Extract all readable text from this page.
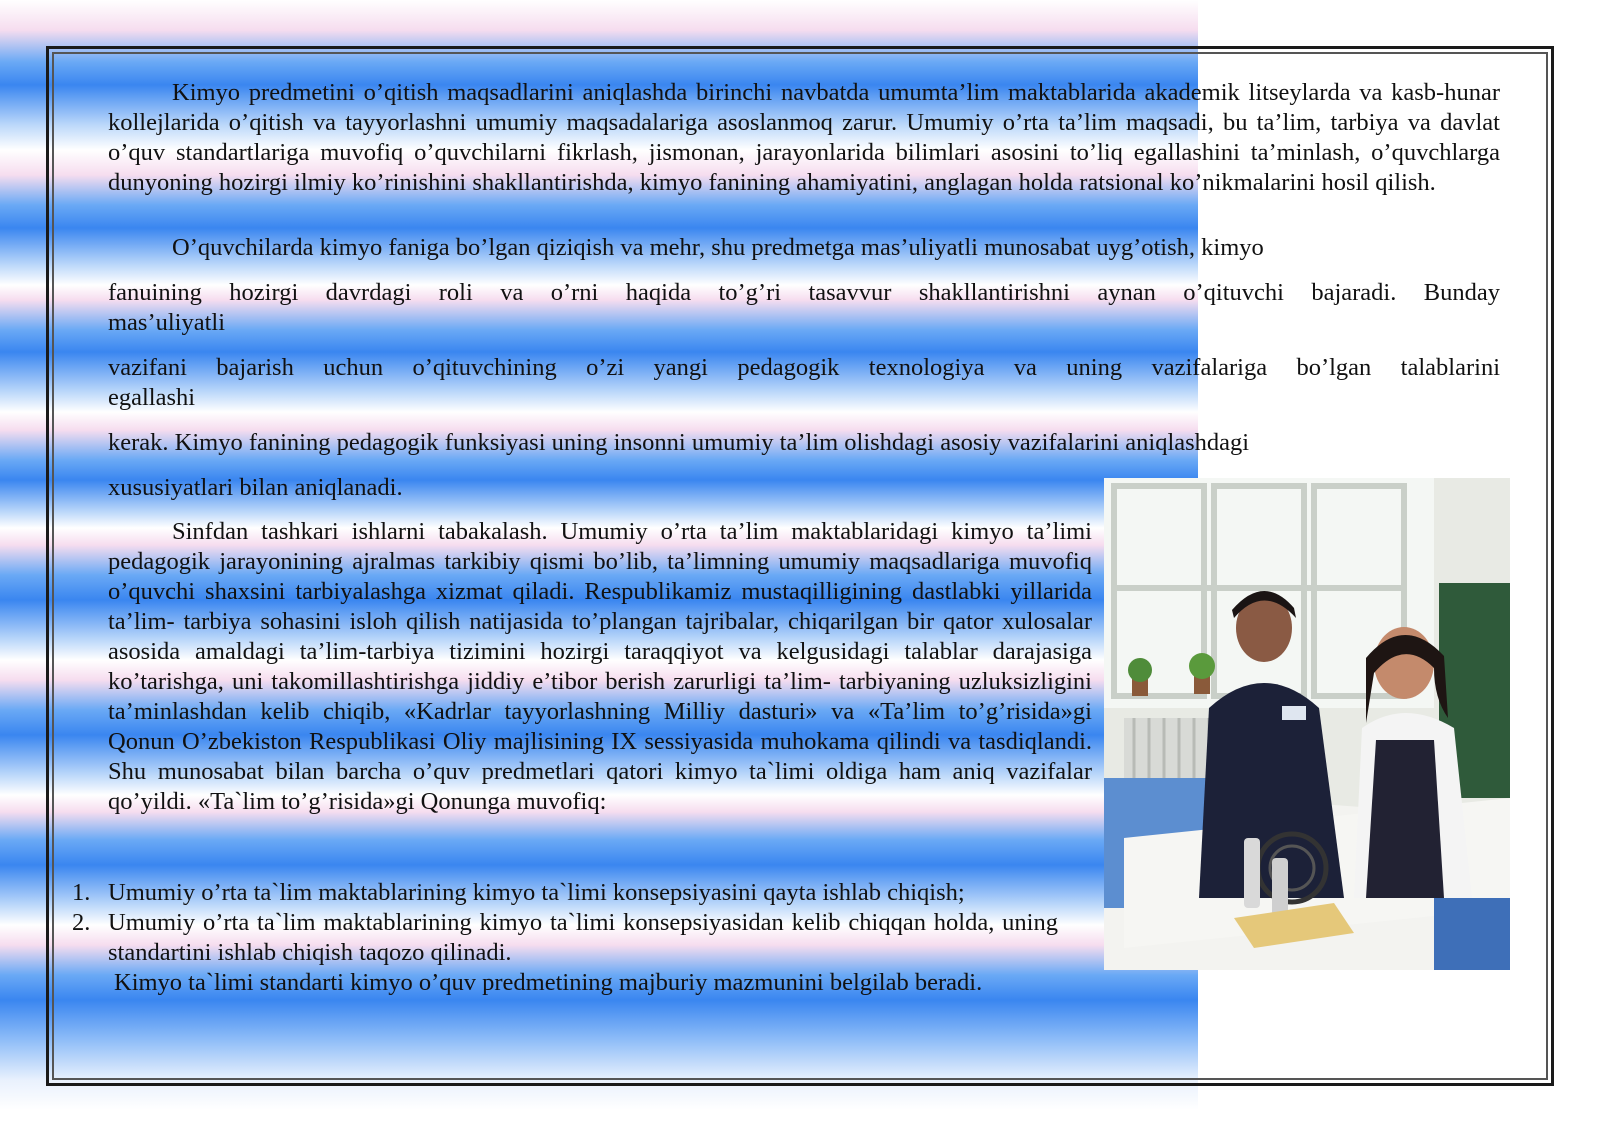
Kimyo predmetini o’qitish maqsadlarini aniqlashda birinchi navbatda umumta’lim maktablarida akademik litseylarda va kasb-hunar kollejlarida o’qitish va tayyorlashni umumiy maqsadalariga asoslanmoq zarur. Umumiy o’rta ta’lim maqsadi, bu ta’lim, tarbiya va davlat o’quv standartlariga muvofiq o’quvchilarni fikrlash, jismonan, jarayonlarida bilimlari asosini to’liq egallashini ta’minlash, o’quvchlarga dunyoning hozirgi ilmiy ko’rinishini shakllantirishda, kimyo fanining ahamiyatini, anglagan holda ratsional ko’nikmalarini hosil qilish.
O’quvchilarda kimyo faniga bo’lgan qiziqish va mehr, shu predmetga mas’uliyatli munosabat uyg’otish, kimyo
fanuining hozirgi davrdagi roli va o’rni haqida to’g’ri tasavvur shakllantirishni aynan o’qituvchi bajaradi. Bunday
mas’uliyatli
vazifani bajarish uchun o’qituvchining o’zi yangi pedagogik texnologiya va uning vazifalariga bo’lgan talablarini
egallashi
kerak. Kimyo fanining pedagogik funksiyasi uning insonni umumiy ta’lim olishdagi asosiy vazifalarini aniqlashdagi
xususiyatlari bilan aniqlanadi.
Sinfdan tashkari ishlarni tabakalash. Umumiy o’rta ta’lim maktablaridagi kimyo ta’limi pedagogik jarayonining ajralmas tarkibiy qismi bo’lib, ta’limning umumiy maqsadlariga muvofiq o’quvchi shaxsini tarbiyalashga xizmat qiladi. Respublikamiz mustaqilligining dastlabki yillarida ta’lim- tarbiya sohasini isloh qilish natijasida to’plangan tajribalar, chiqarilgan bir qator xulosalar asosida amaldagi ta’lim-tarbiya tizimini hozirgi taraqqiyot va kelgusidagi talablar darajasiga ko’tarishga, uni takomillashtirishga jiddiy e’tibor berish zarurligi ta’lim- tarbiyaning uzluksizligini ta’minlashdan kelib chiqib, «Kadrlar tayyorlashning Milliy dasturi» va «Ta’lim to’g’risida»gi Qonun O’zbekiston Respublikasi Oliy majlisining IX sessiyasida muhokama qilindi va tasdiqlandi. Shu munosabat bilan barcha o’quv predmetlari qatori kimyo ta`limi oldiga ham aniq vazifalar qo’yildi. «Ta`lim to’g’risida»gi Qonunga muvofiq:
1. Umumiy o’rta ta`lim maktablarining kimyo ta`limi konsepsiyasini qayta ishlab chiqish;
2. Umumiy o’rta ta`lim maktablarining kimyo ta`limi konsepsiyasidan kelib chiqqan holda, uning standartini ishlab chiqish taqozo qilinadi.
Kimyo ta`limi standarti kimyo o’quv predmetining majburiy mazmunini belgilab beradi.
